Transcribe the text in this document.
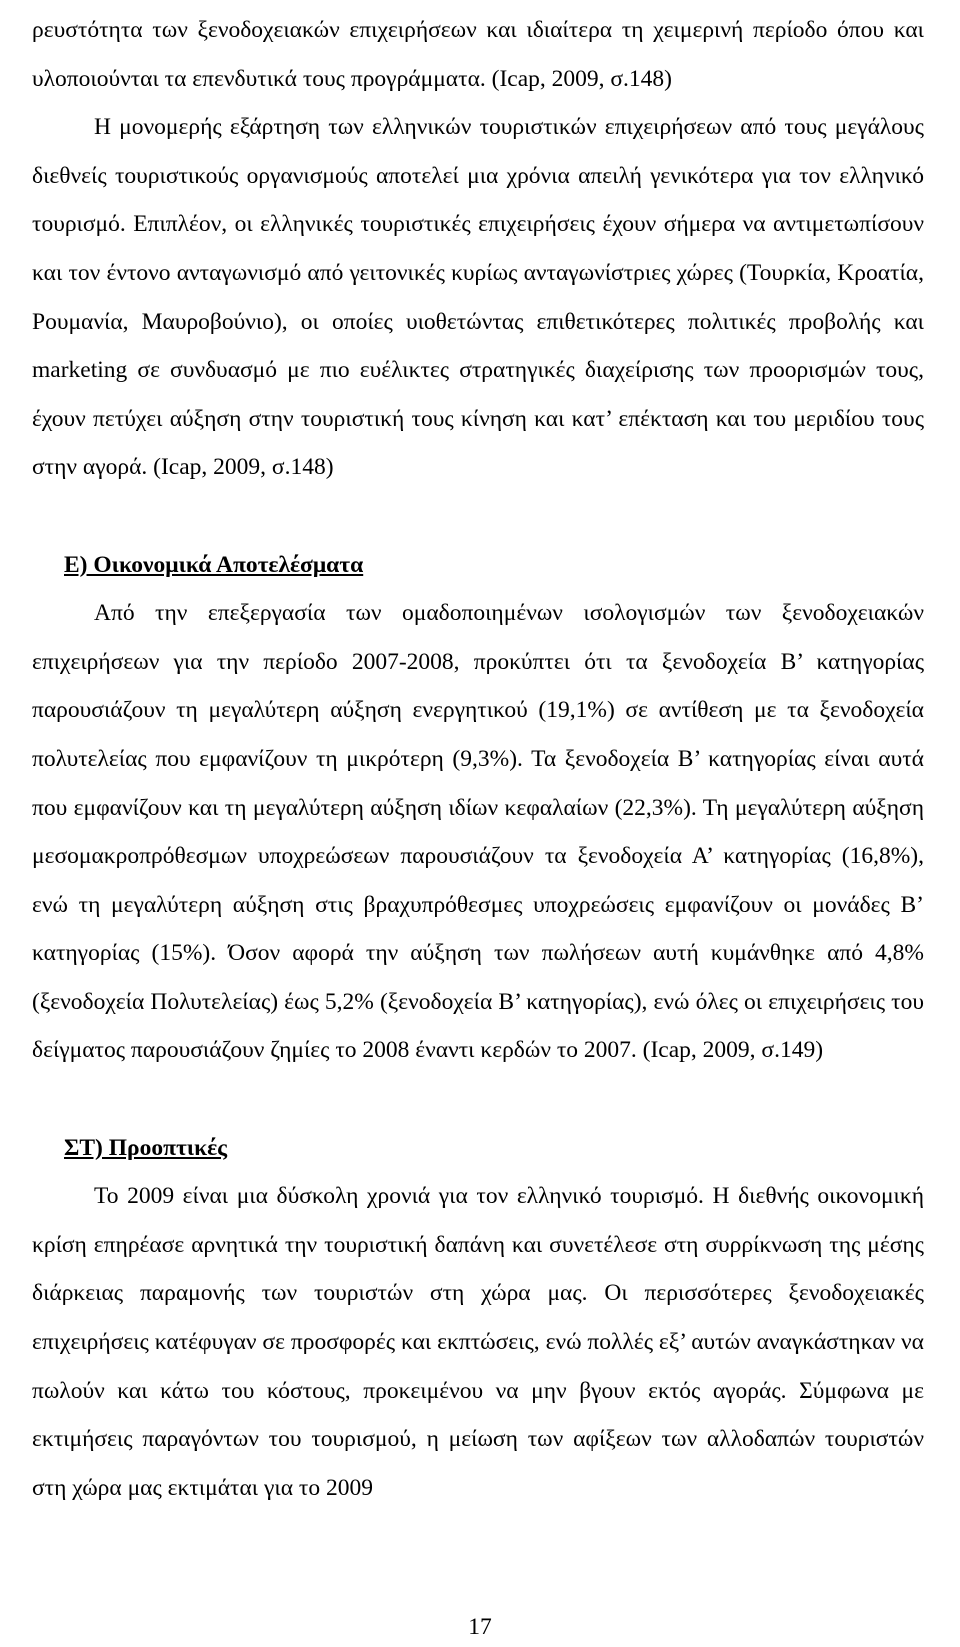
ρευστότητα των ξενοδοχειακών επιχειρήσεων και ιδιαίτερα τη χειμερινή περίοδο όπου και υλοποιούνται τα επενδυτικά τους προγράμματα. (Icap, 2009, σ.148)

Η μονομερής εξάρτηση των ελληνικών τουριστικών επιχειρήσεων από τους μεγάλους διεθνείς τουριστικούς οργανισμούς αποτελεί μια χρόνια απειλή γενικότερα για τον ελληνικό τουρισμό. Επιπλέον, οι ελληνικές τουριστικές επιχειρήσεις έχουν σήμερα να αντιμετωπίσουν και τον έντονο ανταγωνισμό από γειτονικές κυρίως ανταγωνίστριες χώρες (Τουρκία, Κροατία, Ρουμανία, Μαυροβούνιο), οι οποίες υιοθετώντας επιθετικότερες πολιτικές προβολής και marketing σε συνδυασμό με πιο ευέλικτες στρατηγικές διαχείρισης των προορισμών τους, έχουν πετύχει αύξηση στην τουριστική τους κίνηση και κατ’ επέκταση και του μεριδίου τους στην αγορά. (Icap, 2009, σ.148)

Ε) Οικονομικά Αποτελέσματα

Από την επεξεργασία των ομαδοποιημένων ισολογισμών των ξενοδοχειακών επιχειρήσεων για την περίοδο 2007-2008, προκύπτει ότι τα ξενοδοχεία Β’ κατηγορίας παρουσιάζουν τη μεγαλύτερη αύξηση ενεργητικού (19,1%) σε αντίθεση με τα ξενοδοχεία πολυτελείας που εμφανίζουν τη μικρότερη (9,3%). Τα ξενοδοχεία Β’ κατηγορίας είναι αυτά που εμφανίζουν και τη μεγαλύτερη αύξηση ιδίων κεφαλαίων (22,3%). Τη μεγαλύτερη αύξηση μεσομακροπρόθεσμων υποχρεώσεων παρουσιάζουν τα ξενοδοχεία Α’ κατηγορίας (16,8%), ενώ τη μεγαλύτερη αύξηση στις βραχυπρόθεσμες υποχρεώσεις εμφανίζουν οι μονάδες Β’ κατηγορίας (15%). Όσον αφορά την αύξηση των πωλήσεων αυτή κυμάνθηκε από 4,8% (ξενοδοχεία Πολυτελείας) έως 5,2% (ξενοδοχεία Β’ κατηγορίας), ενώ όλες οι επιχειρήσεις του δείγματος παρουσιάζουν ζημίες το 2008 έναντι κερδών το 2007. (Icap, 2009, σ.149)

ΣΤ) Προοπτικές

Το 2009 είναι μια δύσκολη χρονιά για τον ελληνικό τουρισμό. Η διεθνής οικονομική κρίση επηρέασε αρνητικά την τουριστική δαπάνη και συνετέλεσε στη συρρίκνωση της μέσης διάρκειας παραμονής των τουριστών στη χώρα μας. Οι περισσότερες ξενοδοχειακές επιχειρήσεις κατέφυγαν σε προσφορές και εκπτώσεις, ενώ πολλές εξ’ αυτών αναγκάστηκαν να πωλούν και κάτω του κόστους, προκειμένου να μην βγουν εκτός αγοράς. Σύμφωνα με εκτιμήσεις παραγόντων του τουρισμού, η μείωση των αφίξεων των αλλοδαπών τουριστών στη χώρα μας εκτιμάται για το 2009

17
